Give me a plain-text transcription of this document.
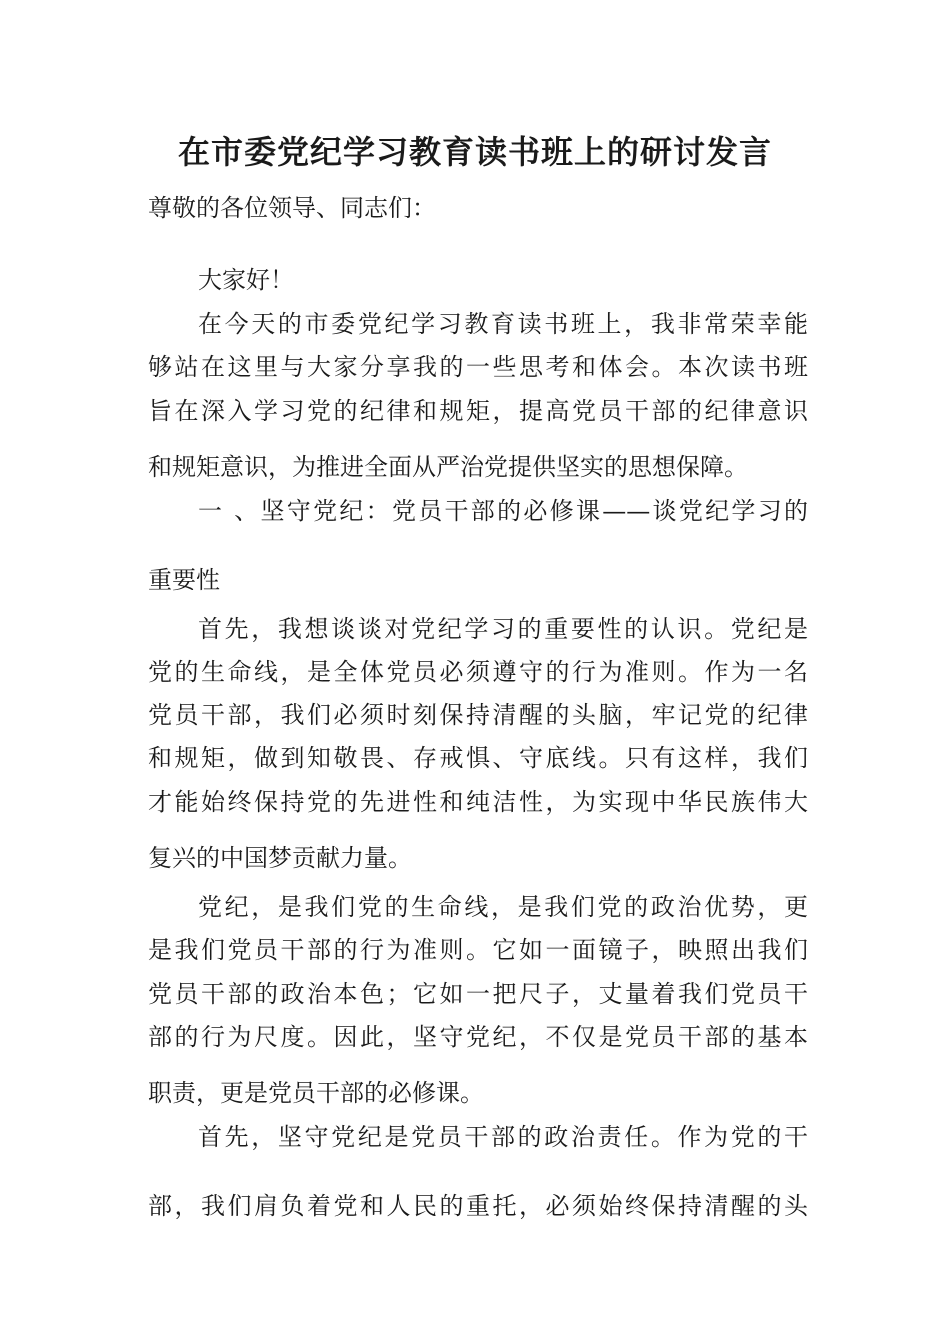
在市委党纪学习教育读书班上的研讨发言

尊敬的各位领导、同志们：

大家好！

在今天的市委党纪学习教育读书班上，我非常荣幸能

够站在这里与大家分享我的一些思考和体会。本次读书班

旨在深入学习党的纪律和规矩，提高党员干部的纪律意识

和规矩意识，为推进全面从严治党提供坚实的思想保障。

一 、坚守党纪：党员干部的必修课——谈党纪学习的

重要性

首先，我想谈谈对党纪学习的重要性的认识。党纪是

党的生命线，是全体党员必须遵守的行为准则。作为一名

党员干部，我们必须时刻保持清醒的头脑，牢记党的纪律

和规矩，做到知敬畏、存戒惧、守底线。只有这样，我们

才能始终保持党的先进性和纯洁性，为实现中华民族伟大

复兴的中国梦贡献力量。

党纪，是我们党的生命线，是我们党的政治优势，更

是我们党员干部的行为准则。它如一面镜子，映照出我们

党员干部的政治本色；它如一把尺子，丈量着我们党员干

部的行为尺度。因此，坚守党纪，不仅是党员干部的基本

职责，更是党员干部的必修课。

首先，坚守党纪是党员干部的政治责任。作为党的干

部，我们肩负着党和人民的重托，必须始终保持清醒的头
